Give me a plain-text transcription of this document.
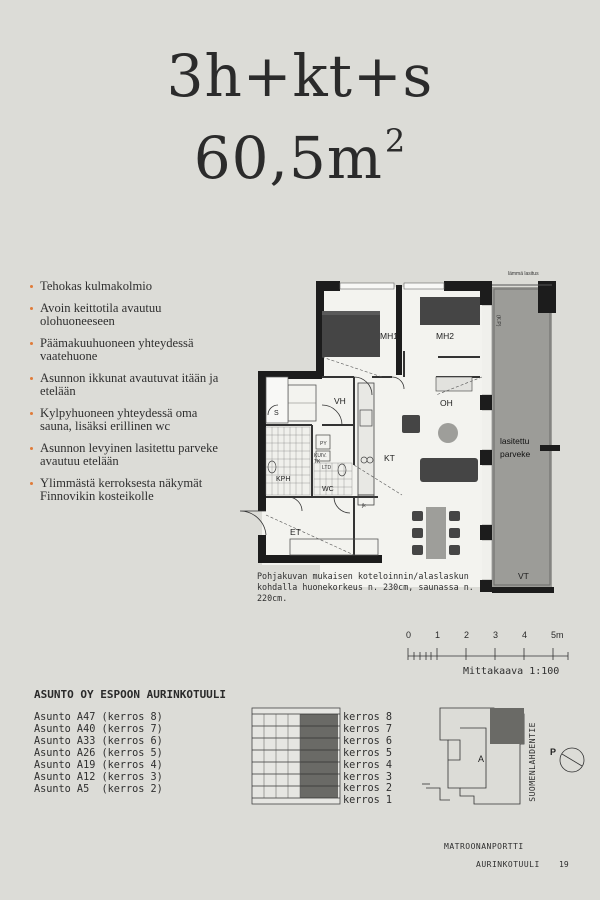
3h+kt+s
$60,5m^2$
Tehokas kulmakolmio
Avoin keittotila avautuu olohuoneeseen
Päämakuuhuoneen yhteydessä vaatehuone
Asunnon ikkunat avautuvat itään ja etelään
Kylpyhuoneen yhteydessä oma sauna, lisäksi erillinen wc
Asunnon levyinen lasitettu parveke avautuu etelään
Ylimmästä kerroksesta näkymät Finnovikin kosteikolle
MH1	MH2
OH
KT
VH
KPH
S
WC
ET
VT
lasitettu
parveke
lämmä lasitus
(K.P)
PY
KUIV.
TK
LTD
jk
Pohjakuvan mukaisen koteloinnin/alaslaskun kohdalla huonekorkeus n. 230cm, saunassa n. 220cm.
0	1	2	3	4	5m
Mittakaava 1:100
ASUNTO OY ESPOON AURINKOTUULI
Asunto A47 (kerros 8)
Asunto A40 (kerros 7)
Asunto A33 (kerros 6)
Asunto A26 (kerros 5)
Asunto A19 (kerros 4)
Asunto A12 (kerros 3)
Asunto A5  (kerros 2)
kerros 8
kerros 7
kerros 6
kerros 5
kerros 4
kerros 3
kerros 2
kerros 1
A
P
SUOMENLAHDENTIE
MATROONANPORTTI
AURINKOTUULI 19
